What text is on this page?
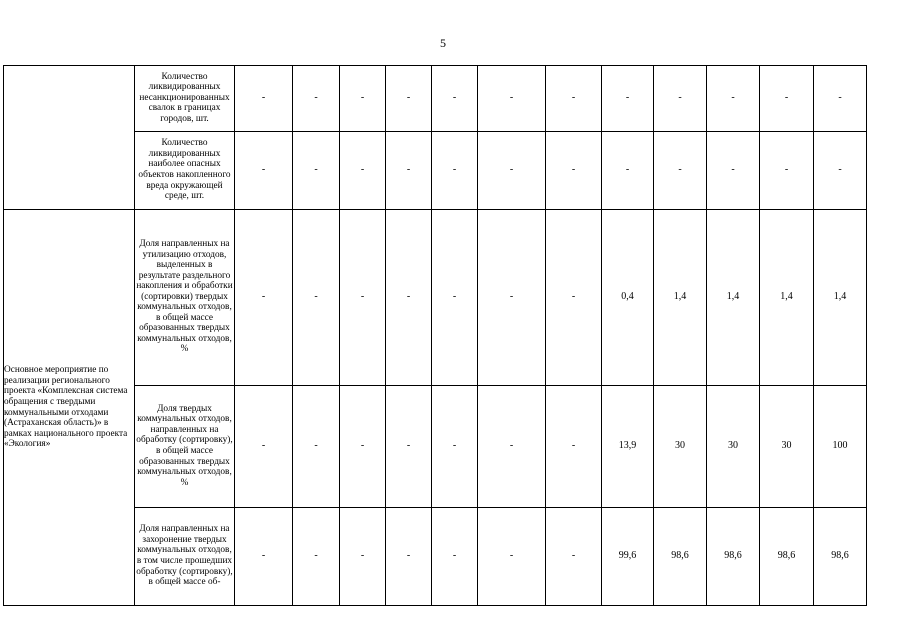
5

	Количество ликвидированных несанкционированных свалок в границах городов, шт.	-	-	-	-	-	-	-	-	-	-	-	-

	Количество ликвидированных наиболее опасных объектов накопленного вреда окружающей среде, шт.	-	-	-	-	-	-	-	-	-	-	-	-
Основное мероприятие по реализации регионального проекта «Комплексная система обращения с твердыми коммунальными отходами (Астраханская область)» в рамках национального проекта «Экология»	Доля направленных на утилизацию отходов, выделенных в результате раздельного накопления и обработки (сортировки) твердых коммунальных отходов, в общей массе образованных твердых коммунальных отходов, %	-	-	-	-	-	-	-	0,4	1,4	1,4	1,4	1,4

	Доля твердых коммунальных отходов, направленных на обработку (сортировку), в общей массе образованных твердых коммунальных отходов, %	-	-	-	-	-	-	-	13,9	30	30	30	100

	Доля направленных на захоронение твердых коммунальных отходов, в том числе прошедших обработку (сортировку), в общей массе об-	-	-	-	-	-	-	-	99,6	98,6	98,6	98,6	98,6
